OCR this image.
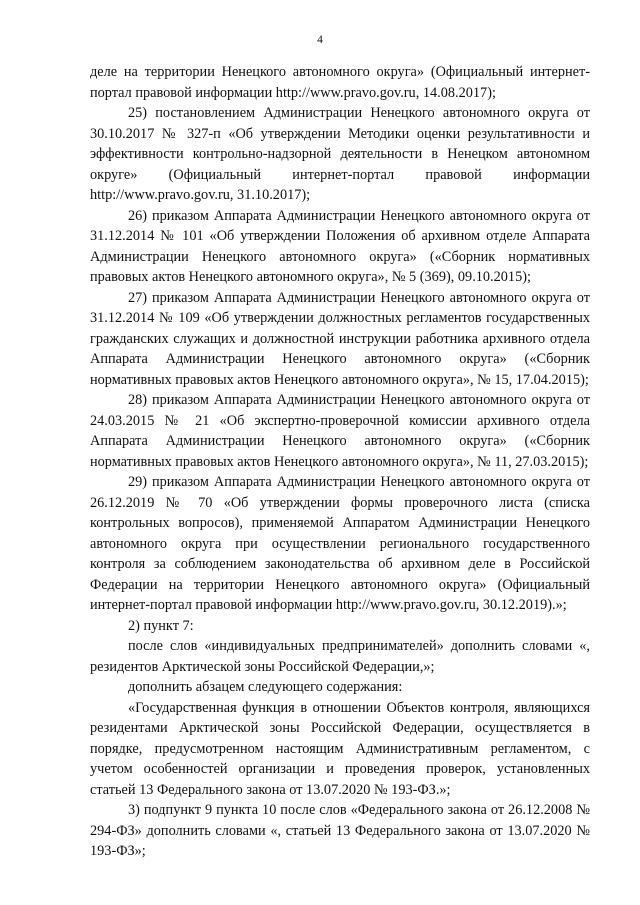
4

деле на территории Ненецкого автономного округа» (Официальный интернет-портал правовой информации http://www.pravo.gov.ru, 14.08.2017);

25) постановлением Администрации Ненецкого автономного округа от 30.10.2017 № 327-п «Об утверждении Методики оценки результативности и эффективности контрольно-надзорной деятельности в Ненецком автономном округе» (Официальный интернет-портал правовой информации http://www.pravo.gov.ru, 31.10.2017);

26) приказом Аппарата Администрации Ненецкого автономного округа от 31.12.2014 № 101 «Об утверждении Положения об архивном отделе Аппарата Администрации Ненецкого автономного округа» («Сборник нормативных правовых актов Ненецкого автономного округа», № 5 (369), 09.10.2015);

27) приказом Аппарата Администрации Ненецкого автономного округа от 31.12.2014 № 109 «Об утверждении должностных регламентов государственных гражданских служащих и должностной инструкции работника архивного отдела Аппарата Администрации Ненецкого автономного округа» («Сборник нормативных правовых актов Ненецкого автономного округа», № 15, 17.04.2015);

28) приказом Аппарата Администрации Ненецкого автономного округа от 24.03.2015 № 21 «Об экспертно-проверочной комиссии архивного отдела Аппарата Администрации Ненецкого автономного округа» («Сборник нормативных правовых актов Ненецкого автономного округа», № 11, 27.03.2015);

29) приказом Аппарата Администрации Ненецкого автономного округа от 26.12.2019 № 70 «Об утверждении формы проверочного листа (списка контрольных вопросов), применяемой Аппаратом Администрации Ненецкого автономного округа при осуществлении регионального государственного контроля за соблюдением законодательства об архивном деле в Российской Федерации на территории Ненецкого автономного округа» (Официальный интернет-портал правовой информации http://www.pravo.gov.ru, 30.12.2019).»;

2) пункт 7:

после слов «индивидуальных предпринимателей» дополнить словами «, резидентов Арктической зоны Российской Федерации,»;

дополнить абзацем следующего содержания:

«Государственная функция в отношении Объектов контроля, являющихся резидентами Арктической зоны Российской Федерации, осуществляется в порядке, предусмотренном настоящим Административным регламентом, с учетом особенностей организации и проведения проверок, установленных статьей 13 Федерального закона от 13.07.2020 № 193-ФЗ.»;

3) подпункт 9 пункта 10 после слов «Федерального закона от 26.12.2008 № 294-ФЗ» дополнить словами «, статьей 13 Федерального закона от 13.07.2020 № 193-ФЗ»;
